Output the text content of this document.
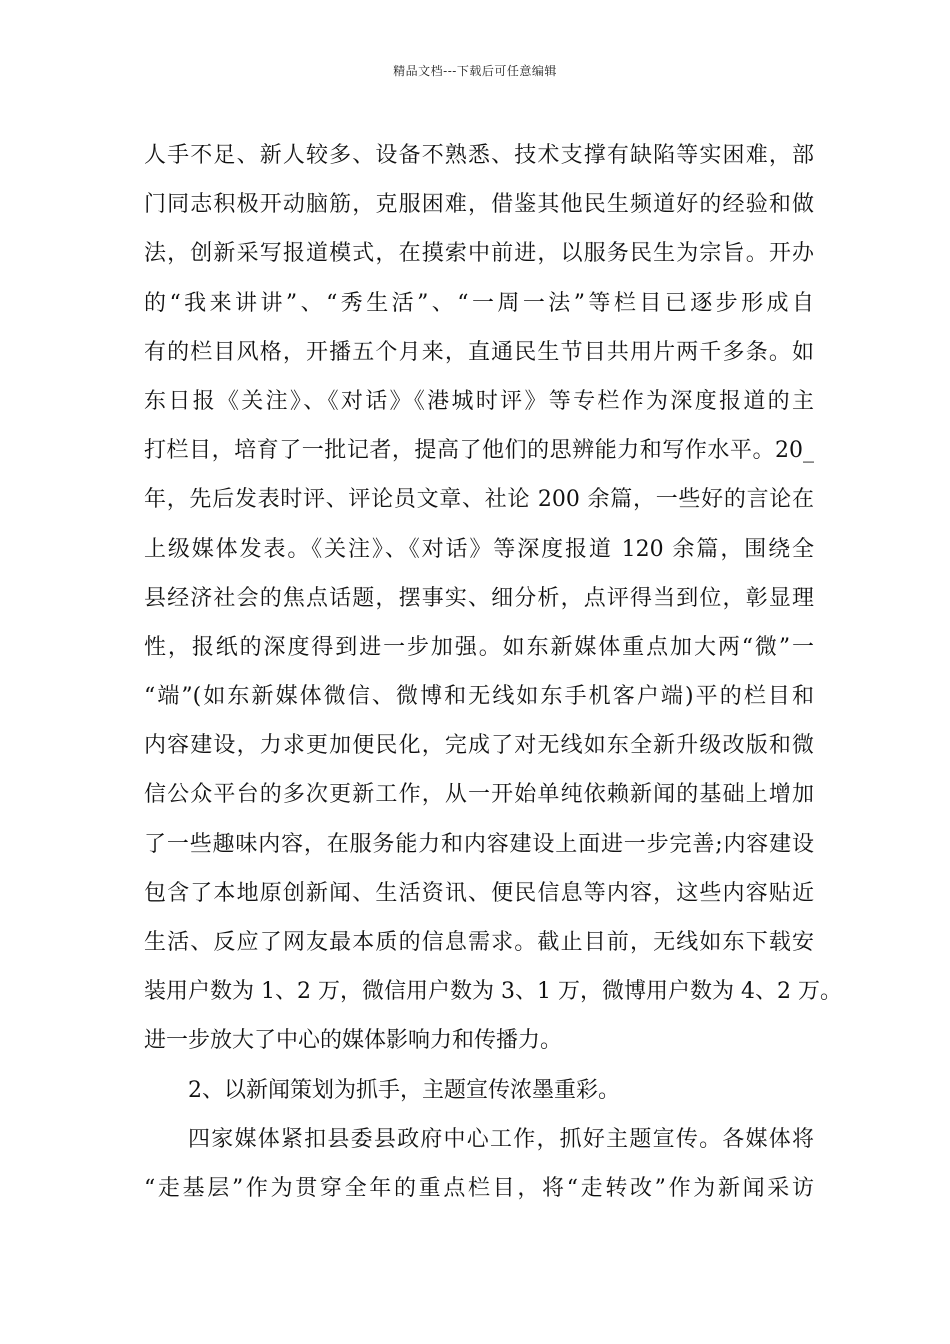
精品文档---下载后可任意编辑
人手不足、新人较多、设备不熟悉、技术支撑有缺陷等实困难，部
门同志积极开动脑筋，克服困难，借鉴其他民生频道好的经验和做
法，创新采写报道模式，在摸索中前进，以服务民生为宗旨。开办
的“我来讲讲”、“秀生活”、“一周一法”等栏目已逐步形成自
有的栏目风格，开播五个月来，直通民生节目共用片两千多条。如
东日报《关注》、《对话》《港城时评》等专栏作为深度报道的主
打栏目，培育了一批记者，提高了他们的思辨能力和写作水平。20_
年，先后发表时评、评论员文章、社论 200 余篇，一些好的言论在
上级媒体发表。《关注》、《对话》等深度报道 120 余篇，围绕全
县经济社会的焦点话题，摆事实、细分析，点评得当到位，彰显理
性，报纸的深度得到进一步加强。如东新媒体重点加大两“微”一
“端”(如东新媒体微信、微博和无线如东手机客户端)平的栏目和
内容建设，力求更加便民化，完成了对无线如东全新升级改版和微
信公众平台的多次更新工作，从一开始单纯依赖新闻的基础上增加
了一些趣味内容，在服务能力和内容建设上面进一步完善;内容建设
包含了本地原创新闻、生活资讯、便民信息等内容，这些内容贴近
生活、反应了网友最本质的信息需求。截止目前，无线如东下载安
装用户数为 1、2 万，微信用户数为 3、1 万，微博用户数为 4、2 万。
进一步放大了中心的媒体影响力和传播力。
2、以新闻策划为抓手，主题宣传浓墨重彩。
四家媒体紧扣县委县政府中心工作，抓好主题宣传。各媒体将
“走基层”作为贯穿全年的重点栏目，将“走转改”作为新闻采访
